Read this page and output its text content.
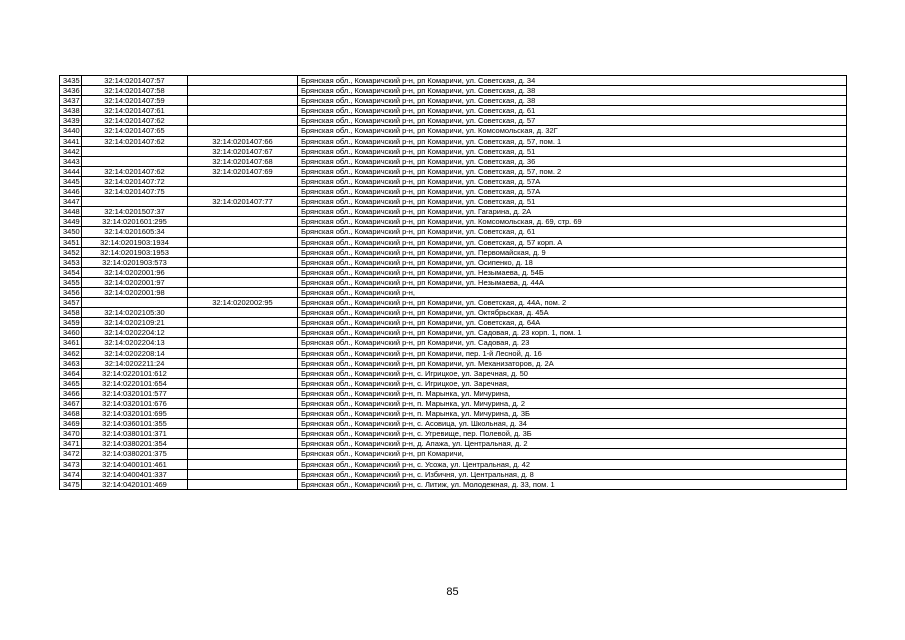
3435	32:14:0201407:57		Брянская обл., Комаричский р-н, рп Комаричи, ул. Советская, д. 34
3436	32:14:0201407:58		Брянская обл., Комаричский р-н, рп Комаричи, ул. Советская, д. 38
3437	32:14:0201407:59		Брянская обл., Комаричский р-н, рп Комаричи, ул. Советская, д. 38
3438	32:14:0201407:61		Брянская обл., Комаричский р-н, рп Комаричи, ул. Советская, д. 61
3439	32:14:0201407:62		Брянская обл., Комаричский р-н, рп Комаричи, ул. Советская, д. 57
3440	32:14:0201407:65		Брянская обл., Комаричский р-н, рп Комаричи, ул. Комсомольская, д. 32Г
3441	32:14:0201407:62	32:14:0201407:66	Брянская обл., Комаричский р-н, рп Комаричи, ул. Советская, д. 57, пом. 1
3442		32:14:0201407:67	Брянская обл., Комаричский р-н, рп Комаричи, ул. Советская, д. 51
3443		32:14:0201407:68	Брянская обл., Комаричский р-н, рп Комаричи, ул. Советская, д. 36
3444	32:14:0201407:62	32:14:0201407:69	Брянская обл., Комаричский р-н, рп Комаричи, ул. Советская, д. 57, пом. 2
3445	32:14:0201407:72		Брянская обл., Комаричский р-н, рп Комаричи, ул. Советская, д. 57А
3446	32:14:0201407:75		Брянская обл., Комаричский р-н, рп Комаричи, ул. Советская, д. 57А
3447		32:14:0201407:77	Брянская обл., Комаричский р-н, рп Комаричи, ул. Советская, д. 51
3448	32:14:0201507:37		Брянская обл., Комаричский р-н, рп Комаричи, ул. Гагарина, д. 2А
3449	32:14:0201601:295		Брянская обл., Комаричский р-н, рп Комаричи, ул. Комсомольская, д. 69, стр. 69
3450	32:14:0201605:34		Брянская обл., Комаричский р-н, рп Комаричи, ул. Советская, д. 61
3451	32:14:0201903:1934		Брянская обл., Комаричский р-н, рп Комаричи, ул. Советская, д. 57 корп. А
3452	32:14:0201903:1953		Брянская обл., Комаричский р-н, рп Комаричи, ул. Первомайская, д. 9
3453	32:14:0201903:573		Брянская обл., Комаричский р-н, рп Комаричи, ул. Осипенко, д. 18
3454	32:14:0202001:96		Брянская обл., Комаричский р-н, рп Комаричи, ул. Незымаева, д. 54Б
3455	32:14:0202001:97		Брянская обл., Комаричский р-н, рп Комаричи, ул. Незымаева, д. 44А
3456	32:14:0202001:98		Брянская обл., Комаричский р-н,
3457		32:14:0202002:95	Брянская обл., Комаричский р-н, рп Комаричи, ул. Советская, д. 44А, пом. 2
3458	32:14:0202105:30		Брянская обл., Комаричский р-н, рп Комаричи, ул. Октябрьская, д. 45А
3459	32:14:0202109:21		Брянская обл., Комаричский р-н, рп Комаричи, ул. Советская, д. 64А
3460	32:14:0202204:12		Брянская обл., Комаричский р-н, рп Комаричи, ул. Садовая, д. 23 корп. 1, пом. 1
3461	32:14:0202204:13		Брянская обл., Комаричский р-н, рп Комаричи, ул. Садовая, д. 23
3462	32:14:0202208:14		Брянская обл., Комаричский р-н, рп Комаричи, пер. 1-й Лесной, д. 16
3463	32:14:0202211:24		Брянская обл., Комаричский р-н, рп Комаричи, ул. Механизаторов, д. 2А
3464	32:14:0220101:612		Брянская обл., Комаричский р-н, с. Игрицкое, ул. Заречная, д. 50
3465	32:14:0220101:654		Брянская обл., Комаричский р-н, с. Игрицкое, ул. Заречная,
3466	32:14:0320101:577		Брянская обл., Комаричский р-н, п. Марынка, ул. Мичурина,
3467	32:14:0320101:676		Брянская обл., Комаричский р-н, п. Марынка, ул. Мичурина, д. 2
3468	32:14:0320101:695		Брянская обл., Комаричский р-н, п. Марынка, ул. Мичурина, д. 3Б
3469	32:14:0360101:355		Брянская обл., Комаричский р-н, с. Асовица, ул. Школьная, д. 34
3470	32:14:0380101:371		Брянская обл., Комаричский р-н, с. Угревище, пер. Полевой, д. 3Б
3471	32:14:0380201:354		Брянская обл., Комаричский р-н, д. Апажа, ул. Центральная, д. 2
3472	32:14:0380201:375		Брянская обл., Комаричский р-н, рп Комаричи,
3473	32:14:0400101:461		Брянская обл., Комаричский р-н, с. Усожа, ул. Центральная, д. 42
3474	32:14:0400401:337		Брянская обл., Комаричский р-н, с. Избичня, ул. Центральная, д. 8
3475	32:14:0420101:469		Брянская обл., Комаричский р-н, с. Литиж, ул. Молодежная, д. 33, пом. 1
85
